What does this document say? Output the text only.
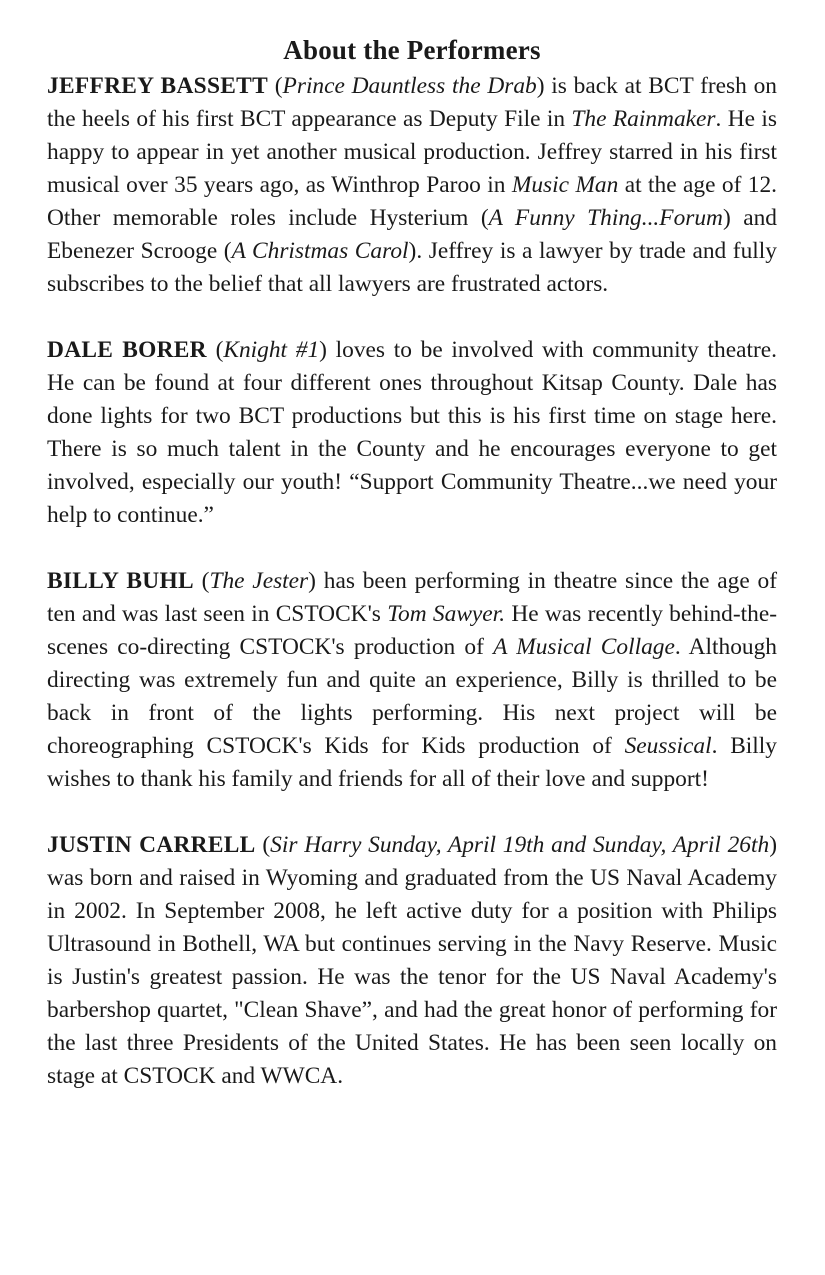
About the Performers

JEFFREY BASSETT (Prince Dauntless the Drab) is back at BCT fresh on the heels of his first BCT appearance as Deputy File in The Rainmaker. He is happy to appear in yet another musical production. Jeffrey starred in his first musical over 35 years ago, as Winthrop Paroo in Music Man at the age of 12. Other memorable roles include Hysterium (A Funny Thing...Forum) and Ebenezer Scrooge (A Christmas Carol). Jeffrey is a lawyer by trade and fully subscribes to the belief that all lawyers are frustrated actors.

DALE BORER (Knight #1) loves to be involved with community theatre. He can be found at four different ones throughout Kitsap County. Dale has done lights for two BCT productions but this is his first time on stage here. There is so much talent in the County and he encourages everyone to get involved, especially our youth! “Support Community Theatre...we need your help to continue.”

BILLY BUHL (The Jester) has been performing in theatre since the age of ten and was last seen in CSTOCK's Tom Sawyer. He was recently behind-the-scenes co-directing CSTOCK's production of A Musical Collage. Although directing was extremely fun and quite an experience, Billy is thrilled to be back in front of the lights performing. His next project will be choreographing CSTOCK's Kids for Kids production of Seussical. Billy wishes to thank his family and friends for all of their love and support!

JUSTIN CARRELL (Sir Harry Sunday, April 19th and Sunday, April 26th) was born and raised in Wyoming and graduated from the US Naval Academy in 2002. In September 2008, he left active duty for a position with Philips Ultrasound in Bothell, WA but continues serving in the Navy Reserve. Music is Justin's greatest passion. He was the tenor for the US Naval Academy's barbershop quartet, "Clean Shave”, and had the great honor of performing for the last three Presidents of the United States. He has been seen locally on stage at CSTOCK and WWCA.
